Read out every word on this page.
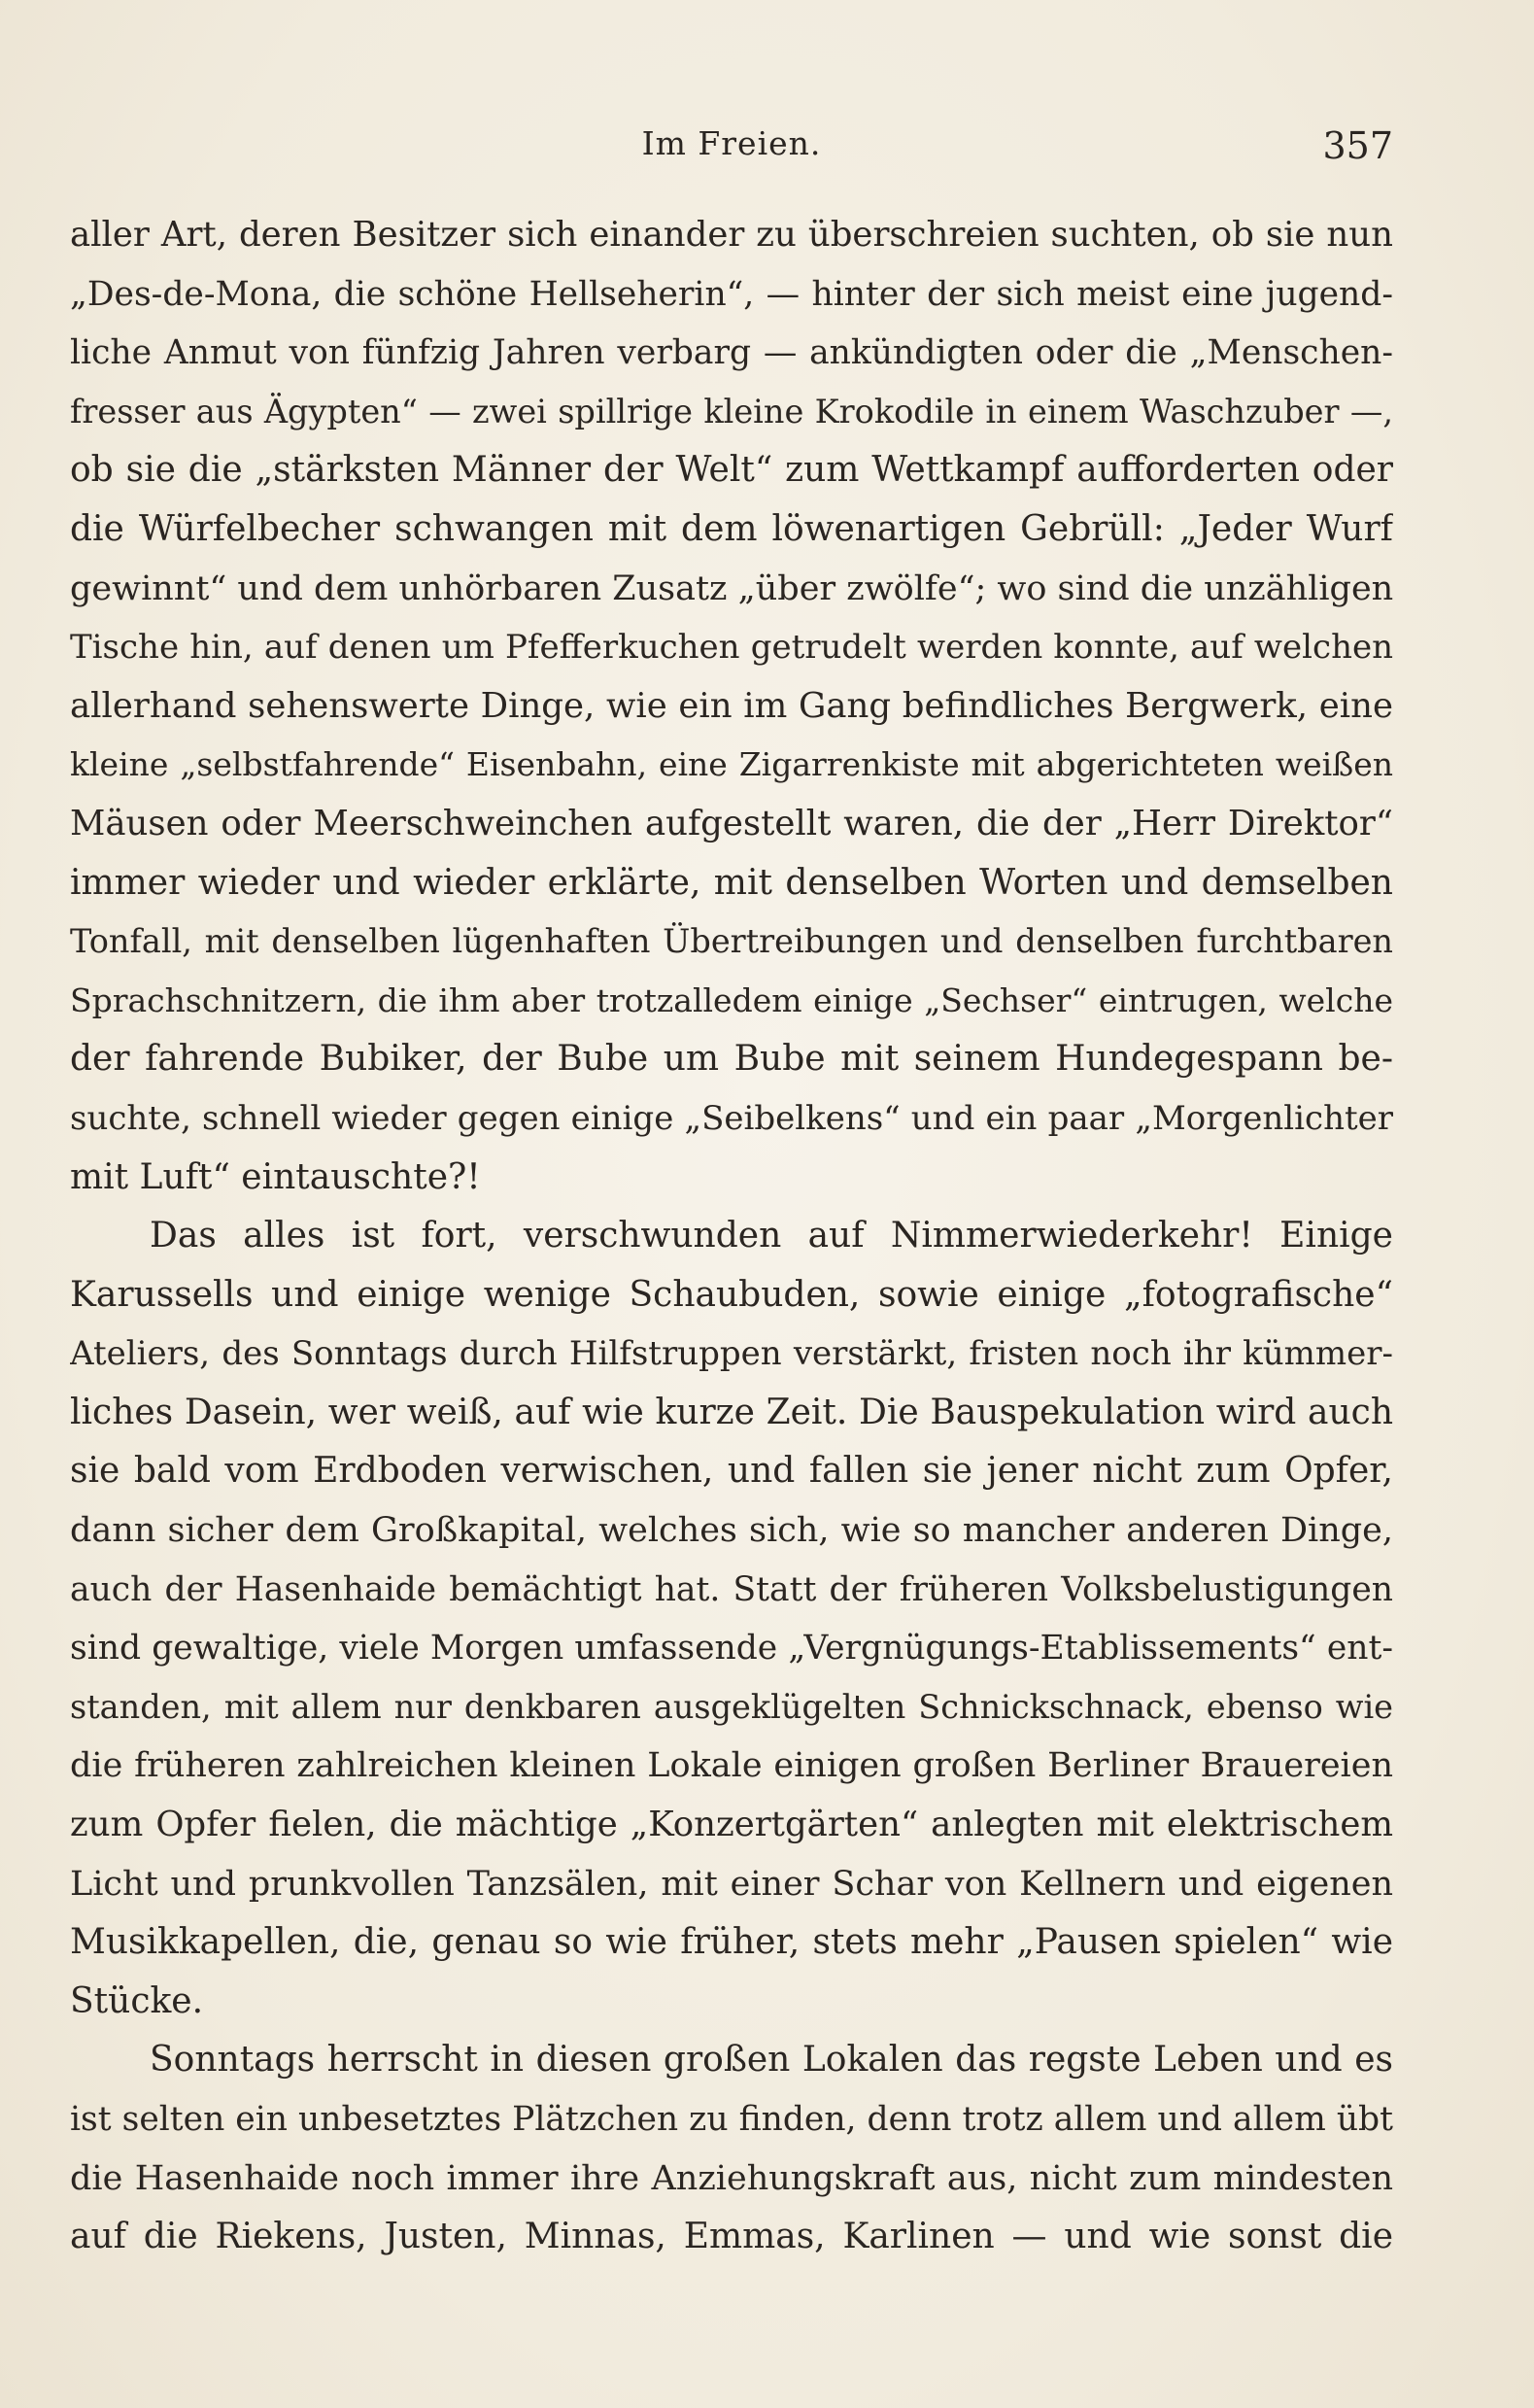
Im Freien.	357
aller Art, deren Besitzer sich einander zu überschreien suchten, ob sie nun
„Des-de-Mona, die schöne Hellseherin“, — hinter der sich meist eine jugend-
liche Anmut von fünfzig Jahren verbarg — ankündigten oder die „Menschen-
fresser aus Ägypten“ — zwei spillrige kleine Krokodile in einem Waschzuber —,
ob sie die „stärksten Männer der Welt“ zum Wettkampf aufforderten oder
die Würfelbecher schwangen mit dem löwenartigen Gebrüll: „Jeder Wurf
gewinnt“ und dem unhörbaren Zusatz „über zwölfe“; wo sind die unzähligen
Tische hin, auf denen um Pfefferkuchen getrudelt werden konnte, auf welchen
allerhand sehenswerte Dinge, wie ein im Gang befindliches Bergwerk, eine
kleine „selbstfahrende“ Eisenbahn, eine Zigarrenkiste mit abgerichteten weißen
Mäusen oder Meerschweinchen aufgestellt waren, die der „Herr Direktor“
immer wieder und wieder erklärte, mit denselben Worten und demselben
Tonfall, mit denselben lügenhaften Übertreibungen und denselben furchtbaren
Sprachschnitzern, die ihm aber trotzalledem einige „Sechser“ eintrugen, welche
der fahrende Bubiker, der Bube um Bube mit seinem Hundegespann be-
suchte, schnell wieder gegen einige „Seibelkens“ und ein paar „Morgenlichter
mit Luft“ eintauschte?!
Das alles ist fort, verschwunden auf Nimmerwiederkehr! Einige
Karussells und einige wenige Schaubuden, sowie einige „fotografische“
Ateliers, des Sonntags durch Hilfstruppen verstärkt, fristen noch ihr kümmer-
liches Dasein, wer weiß, auf wie kurze Zeit. Die Bauspekulation wird auch
sie bald vom Erdboden verwischen, und fallen sie jener nicht zum Opfer,
dann sicher dem Großkapital, welches sich, wie so mancher anderen Dinge,
auch der Hasenhaide bemächtigt hat. Statt der früheren Volksbelustigungen
sind gewaltige, viele Morgen umfassende „Vergnügungs-Etablissements“ ent-
standen, mit allem nur denkbaren ausgeklügelten Schnickschnack, ebenso wie
die früheren zahlreichen kleinen Lokale einigen großen Berliner Brauereien
zum Opfer fielen, die mächtige „Konzertgärten“ anlegten mit elektrischem
Licht und prunkvollen Tanzsälen, mit einer Schar von Kellnern und eigenen
Musikkapellen, die, genau so wie früher, stets mehr „Pausen spielen“ wie
Stücke.
Sonntags herrscht in diesen großen Lokalen das regste Leben und es
ist selten ein unbesetztes Plätzchen zu finden, denn trotz allem und allem übt
die Hasenhaide noch immer ihre Anziehungskraft aus, nicht zum mindesten
auf die Riekens, Justen, Minnas, Emmas, Karlinen — und wie sonst die
